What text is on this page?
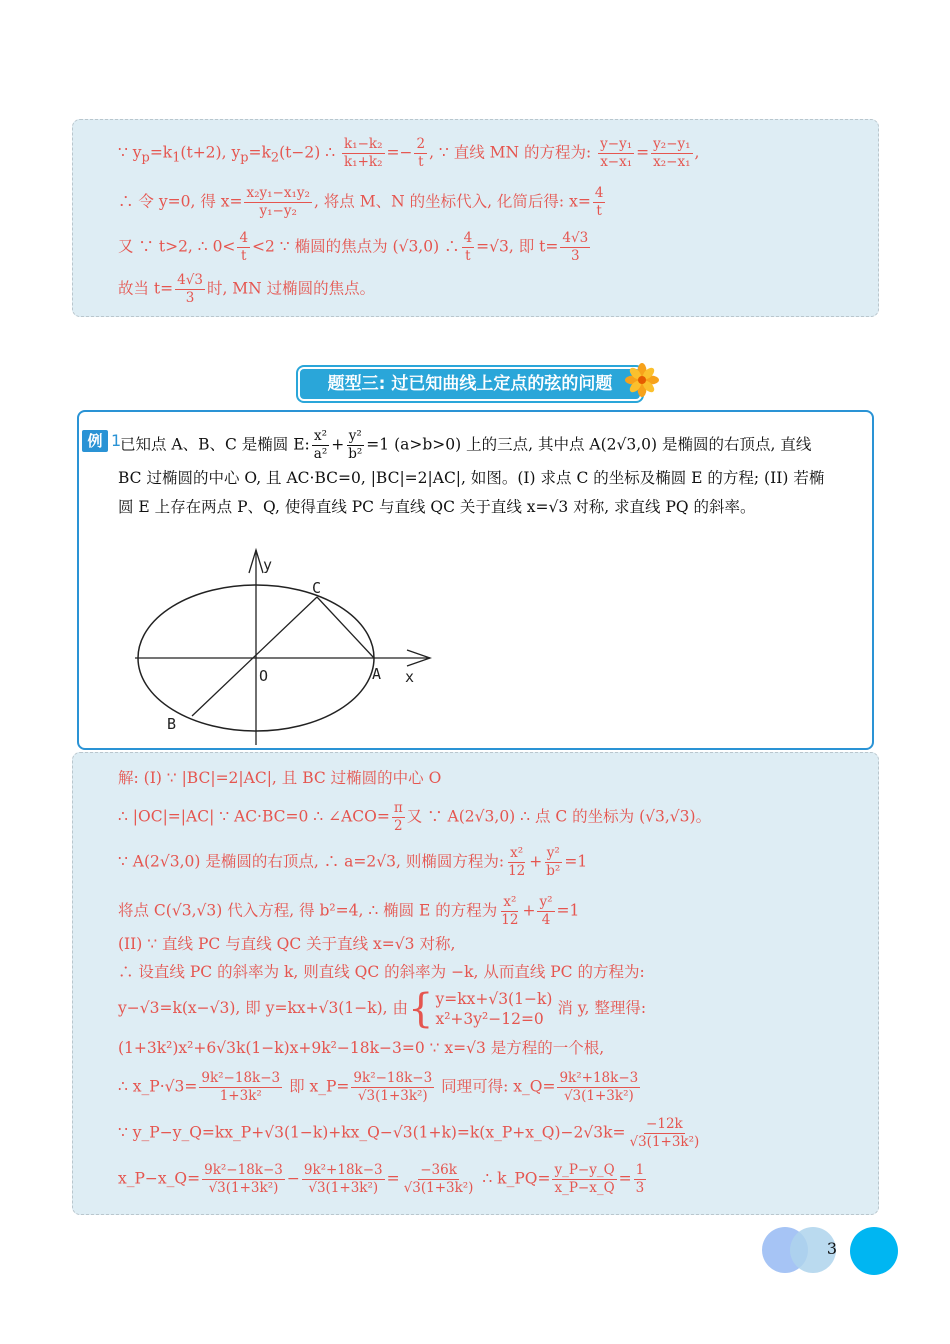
∵ $y_p=k_1(t+2)$, $y_p=k_2(t-2)$ ∴ $\frac{\text{k₁−k₂}}{\text{k₁+k₂}} =- \frac{2}{t}$ , ∵ 直线 MN 的方程为: $\frac{\text{y−y₁}}{\text{x−x₁}} = \frac{\text{y₂−y₁}}{\text{x₂−x₁}}$ ,
∴ 令 y=0, 得 $x= \frac{\text{x₂y₁−x₁y₂}}{\text{y₁−y₂}}$ , 将点 M、N 的坐标代入, 化简后得: $x= \frac{4}{t}$
又 ∵ t>2, ∴ $0< \frac{4}{t} <2$ ∵ 椭圆的焦点为 (√3,0) ∴ $\frac{4}{t} =√3$, 即 $t= \frac{4√3}{3}$
故当 $t= \frac{4√3}{3}$ 时, MN 过椭圆的焦点。
题型三: 过已知曲线上定点的弦的问题
例 1
已知点 A、B、C 是椭圆 E: $\frac{\text{x²}}{\text{a²}} + \frac{\text{y²}}{\text{b²}} =1$ (a>b>0) 上的三点, 其中点 A(2√3,0) 是椭圆的右顶点, 直线
BC 过椭圆的中心 O, 且 AC·BC=0, |BC|=2|AC|, 如图。(I) 求点 C 的坐标及椭圆 E 的方程; (II) 若椭
圆 E 上存在两点 P、Q, 使得直线 PC 与直线 QC 关于直线 x=√3 对称, 求直线 PQ 的斜率。
y
x
O	A
B
C
解: (I) ∵ |BC|=2|AC|, 且 BC 过椭圆的中心 O
∴ |OC|=|AC| ∵ AC·BC=0 ∴ ∠ACO= $\frac{\pi}{2}$ 又 ∵ A(2√3,0) ∴ 点 C 的坐标为 (√3,√3)。
∵ A(2√3,0) 是椭圆的右顶点, ∴ a=2√3, 则椭圆方程为: $\frac{\text{x²}}{12} + \frac{\text{y²}}{\text{b²}} =1$
将点 C(√3,√3) 代入方程, 得 b²=4, ∴ 椭圆 E 的方程为 $\frac{\text{x²}}{12} + \frac{\text{y²}}{4} =1$
(II) ∵ 直线 PC 与直线 QC 关于直线 x=√3 对称,
∴ 设直线 PC 的斜率为 k, 则直线 QC 的斜率为 −k, 从而直线 PC 的方程为:
y−√3=k(x−√3), 即 y=kx+√3(1−k), 由 { y=kx+√3(1−k)
x²+3y²−12=0
消 y, 整理得:
(1+3k²)x²+6√3k(1−k)x+9k²−18k−3=0 ∵ x=√3 是方程的一个根,
∴ x_P·√3= $\frac{\text{9k²−18k−3}}{\text{1+3k²}}$ 即 x_P= $\frac{\text{9k²−18k−3}}{\text{√3(1+3k²)}}$ 同理可得: x_Q= $\frac{\text{9k²+18k−3}}{\text{√3(1+3k²)}}$
∵ y_P−y_Q=kx_P+√3(1−k)+kx_Q−√3(1+k)=k(x_P+x_Q)−2√3k= $\frac{-12k}{\text{√3(1+3k²)}}$
x_P−x_Q= $\frac{\text{9k²−18k−3}}{\text{√3(1+3k²)}} - \frac{\text{9k²+18k−3}}{\text{√3(1+3k²)}} = \frac{-36k}{\text{√3(1+3k²)}}$ ∴ k_PQ= $\frac{y\_P-y\_Q}{x\_P-x\_Q} = \frac{1}{3}$
3
